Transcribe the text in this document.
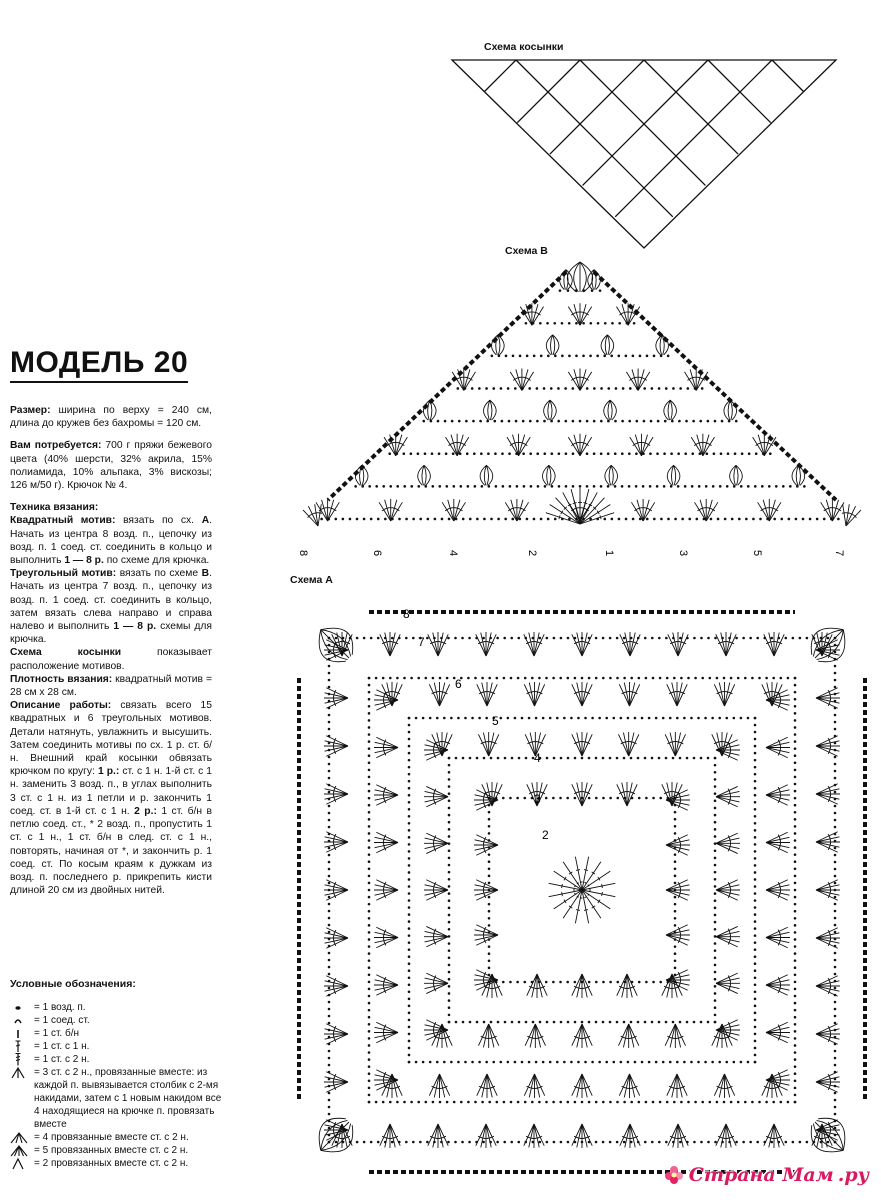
МОДЕЛЬ 20

Размер: ширина по верху = 240 см, длина до кружев без бахромы = 120 см.

Вам потребуется: 700 г пряжи бежевого цвета (40% шерсти, 32% акрила, 15% полиамида, 10% альпака, 3% вискозы; 126 м/50 г). Крючок № 4.

Техника вязания:

Квадратный мотив: вязать по сх. А. Начать из центра 8 возд. п., цепочку из возд. п. 1 соед. ст. соединить в кольцо и выполнить 1 — 8 р. по схеме для крючка.

Треугольный мотив: вязать по схеме В. Начать из центра 7 возд. п., цепочку из возд. п. 1 соед. ст. соединить в кольцо, затем вязать слева направо и справа налево и выполнить 1 — 8 р. схемы для крючка.

Схема косынки показывает расположение мотивов.

Плотность вязания: квадратный мотив = 28 см х 28 см.

Описание работы: связать всего 15 квадратных и 6 треугольных мотивов. Детали натянуть, увлажнить и высушить. Затем соединить мотивы по сх. 1 р. ст. б/н. Внешний край косынки обвязать крючком по кругу: 1 р.: ст. с 1 н. 1-й ст. с 1 н. заменить 3 возд. п., в углах выполнить 3 ст. с 1 н. из 1 петли и р. закончить 1 соед. ст. в 1-й ст. с 1 н. 2 р.: 1 ст. б/н в петлю соед. ст., * 2 возд. п., пропустить 1 ст. с 1 н., 1 ст. б/н в след. ст. с 1 н., повторять, начиная от *, и закончить р. 1 соед. ст. По косым краям к дужкам из возд. п. последнего р. прикрепить кисти длиной 20 см из двойных нитей.

Условные обозначения:
= 1 возд. п.
= 1 соед. ст.
= 1 ст. б/н
= 1 ст. с 1 н.
= 1 ст. с 2 н.
= 3 ст. с 2 н., провязанные вместе: из каждой п. вывязывается столбик с 2-мя накидами, затем с 1 новым накидом все 4 находящиеся на крючке п. провязать вместе
= 4 провязанные вместе ст. с 2 н.
= 5 провязанных вместе ст. с 2 н.
= 2 провязанных вместе ст. с 2 н.
Схема косынки
Схема В
8	6	4	2	1	3	5	7
Схема А
8
7
6
5
4
3
2
Страна Мам .ру
